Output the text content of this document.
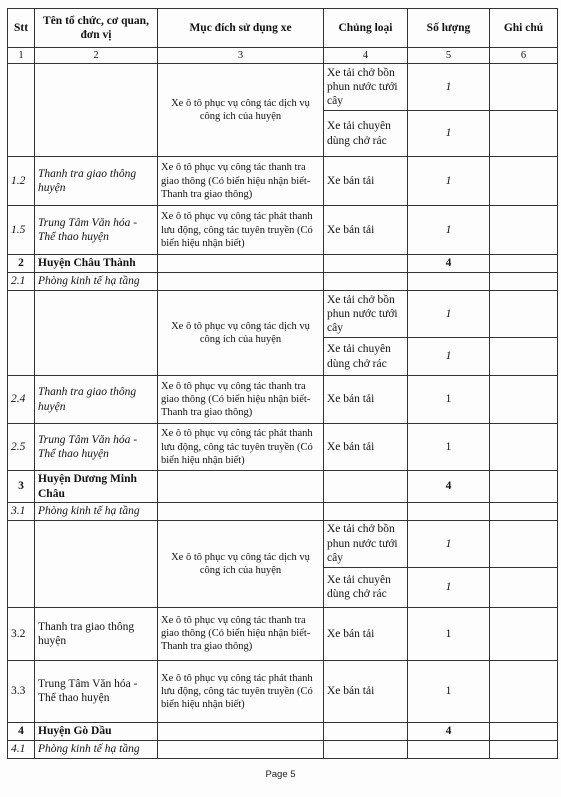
Stt	Tên tổ chức, cơ quan, đơn vị	Mục đích sử dụng xe	Chủng loại	Số lượng	Ghi chú
1	2	3	4	5	6
		Xe ô tô phục vụ công tác dịch vụ công ích của huyện	Xe tải chở bồn phun nước tưới cây	1	
			Xe tải chuyên dùng chở rác	1	
1.2	Thanh tra giao thông huyện	Xe ô tô phục vụ công tác thanh tra giao thông (Có biển hiệu nhận biết-Thanh tra giao thông)	Xe bán tải	1	
1.5	Trung Tâm Văn hóa - Thể thao huyện	Xe ô tô phục vụ công tác phát thanh lưu động, công tác tuyên truyền (Có biển hiệu nhận biết)	Xe bán tải	1	
2	Huyện Châu Thành			4	
2.1	Phòng kinh tế hạ tầng				
		Xe ô tô phục vụ công tác dịch vụ công ích của huyện	Xe tải chở bồn phun nước tưới cây	1	
			Xe tải chuyên dùng chở rác	1	
2.4	Thanh tra giao thông huyện	Xe ô tô phục vụ công tác thanh tra giao thông (Có biển hiệu nhận biết-Thanh tra giao thông)	Xe bán tải	1	
2.5	Trung Tâm Văn hóa - Thể thao huyện	Xe ô tô phục vụ công tác phát thanh lưu động, công tác tuyên truyền (Có biển hiệu nhận biết)	Xe bán tải	1	
3	Huyện Dương Minh Châu			4	
3.1	Phòng kinh tế hạ tầng				
		Xe ô tô phục vụ công tác dịch vụ công ích của huyện	Xe tải chở bồn phun nước tưới cây	1	
			Xe tải chuyên dùng chở rác	1	
3.2	Thanh tra giao thông huyện	Xe ô tô phục vụ công tác thanh tra giao thông (Có biển hiệu nhận biết-Thanh tra giao thông)	Xe bán tải	1	
3.3	Trung Tâm Văn hóa - Thể thao huyện	Xe ô tô phục vụ công tác phát thanh lưu động, công tác tuyên truyền (Có biển hiệu nhận biết)	Xe bán tải	1	
4	Huyện Gò Dầu			4	
4.1	Phòng kinh tế hạ tầng				
Page 5
